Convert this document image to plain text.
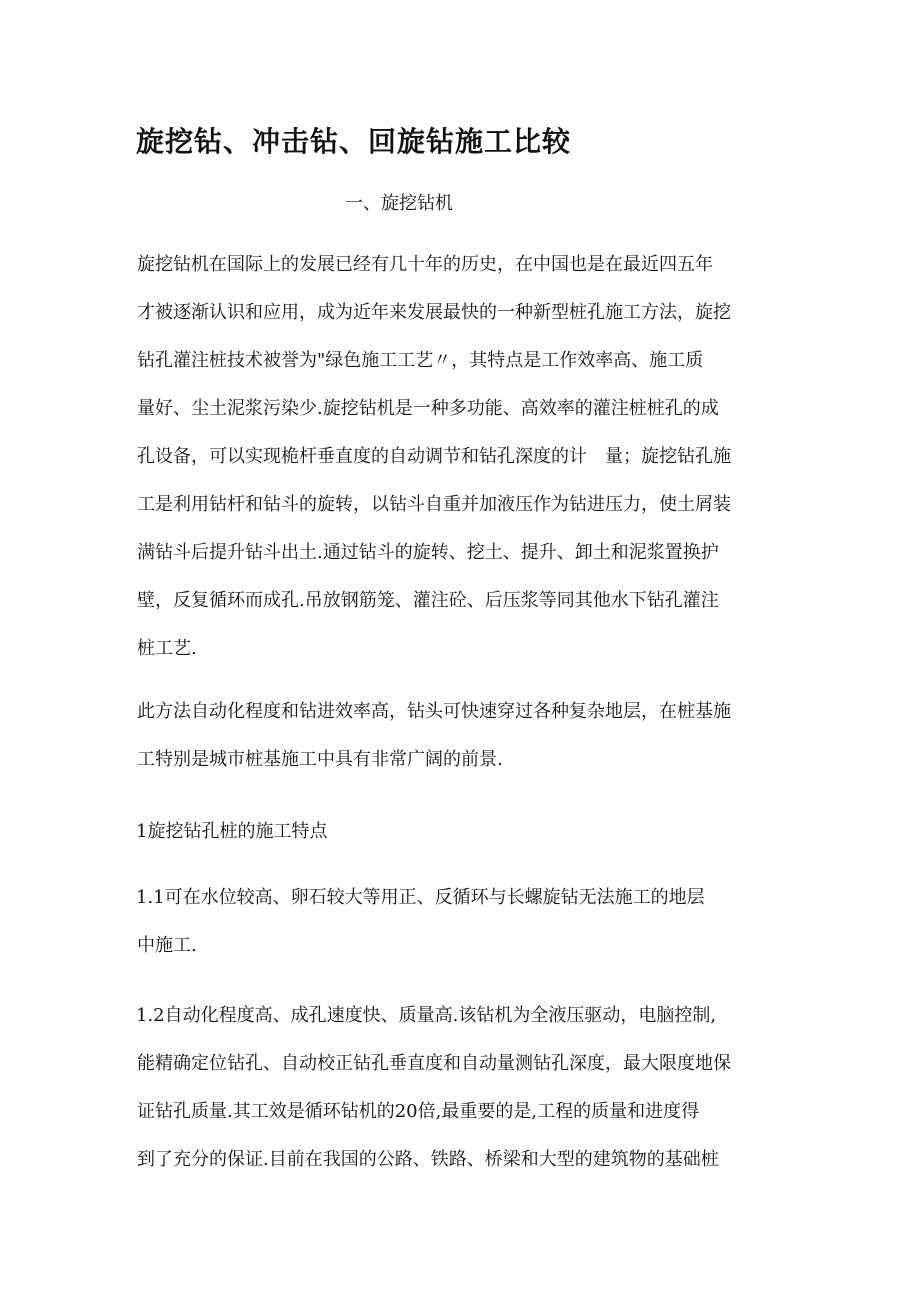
旋挖钻、冲击钻、回旋钻施工比较
一、旋挖钻机
旋挖钻机在国际上的发展已经有几十年的历史，在中国也是在最近四五年
才被逐渐认识和应用，成为近年来发展最快的一种新型桩孔施工方法，旋挖
钻孔灌注桩技术被誉为"绿色施工工艺〃，其特点是工作效率高、施工质
量好、尘土泥浆污染少.旋挖钻机是一种多功能、高效率的灌注桩桩孔的成
孔设备，可以实现桅杆垂直度的自动调节和钻孔深度的计　量；旋挖钻孔施
工是利用钻杆和钻斗的旋转，以钻斗自重并加液压作为钻进压力，使土屑装
满钻斗后提升钻斗出土.通过钻斗的旋转、挖土、提升、卸土和泥浆置换护
壁，反复循环而成孔.吊放钢筋笼、灌注砼、后压浆等同其他水下钻孔灌注
桩工艺.
此方法自动化程度和钻进效率高，钻头可快速穿过各种复杂地层，在桩基施
工特别是城市桩基施工中具有非常广阔的前景.
1旋挖钻孔桩的施工特点
1.1可在水位较高、卵石较大等用正、反循环与长螺旋钻无法施工的地层
中施工.
1.2自动化程度高、成孔速度快、质量高.该钻机为全液压驱动，电脑控制,
能精确定位钻孔、自动校正钻孔垂直度和自动量测钻孔深度，最大限度地保
证钻孔质量.其工效是循环钻机的20倍,最重要的是,工程的质量和进度得
到了充分的保证.目前在我国的公路、铁路、桥梁和大型的建筑物的基础桩
